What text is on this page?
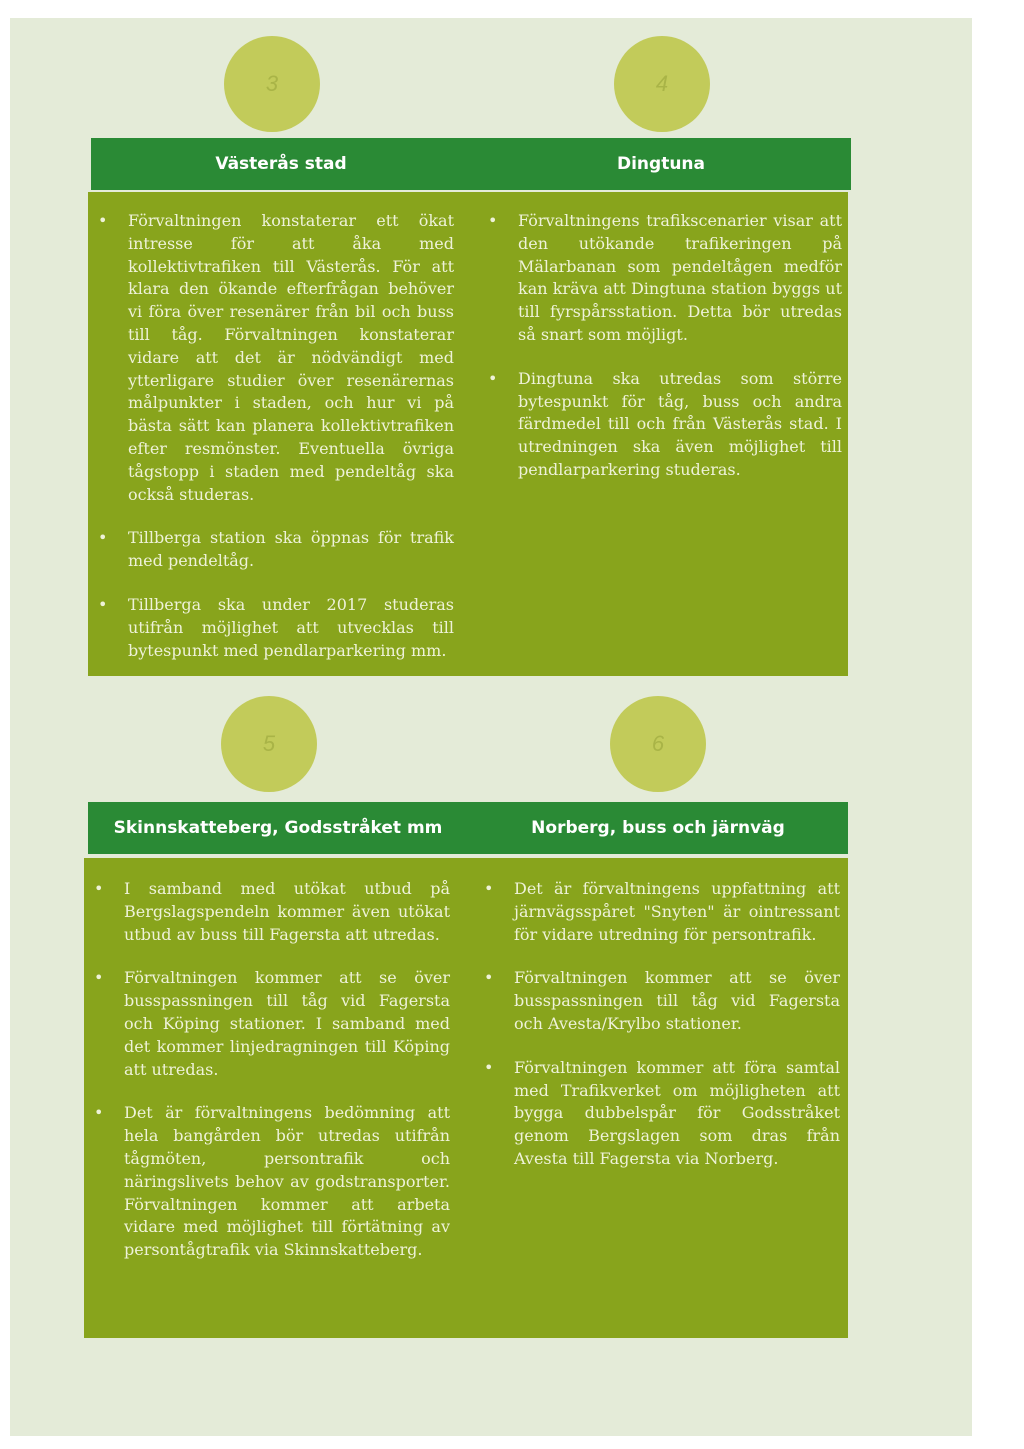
3	4
5	6
Västerås stad	Dingtuna
Skinnskatteberg, Godsstråket mm	Norberg, buss och järnväg
• Förvaltningen konstaterar ett ökat intresse för att åka med kollektivtrafiken till Västerås. För att klara den ökande efterfrågan behöver vi föra över resenärer från bil och buss till tåg. Förvaltningen konstaterar vidare att det är nödvändigt med ytterligare studier över resenärernas målpunkter i staden, och hur vi på bästa sätt kan planera kollektivtrafiken efter resmönster. Eventuella övriga tågstopp i staden med pendeltåg ska också studeras.
• Tillberga station ska öppnas för trafik med pendeltåg.
• Tillberga ska under 2017 studeras utifrån möjlighet att utvecklas till bytespunkt med pendlarparkering mm.
• Förvaltningens trafikscenarier visar att den utökande trafikeringen på Mälarbanan som pendeltågen medför kan kräva att Dingtuna station byggs ut till fyrspårsstation. Detta bör utredas så snart som möjligt.
• Dingtuna ska utredas som större bytespunkt för tåg, buss och andra färdmedel till och från Västerås stad. I utredningen ska även möjlighet till pendlarparkering studeras.
• I samband med utökat utbud på Bergslagspendeln kommer även utökat utbud av buss till Fagersta att utredas.
• Förvaltningen kommer att se över busspassningen till tåg vid Fagersta och Köping stationer. I samband med det kommer linjedragningen till Köping att utredas.
• Det är förvaltningens bedömning att hela bangården bör utredas utifrån tågmöten, persontrafik och näringslivets behov av godstransporter. Förvaltningen kommer att arbeta vidare med möjlighet till förtätning av persontågtrafik via Skinnskatteberg.
• Det är förvaltningens uppfattning att järnvägsspåret "Snyten" är ointressant för vidare utredning för persontrafik.
• Förvaltningen kommer att se över busspassningen till tåg vid Fagersta och Avesta/Krylbo stationer.
• Förvaltningen kommer att föra samtal med Trafikverket om möjligheten att bygga dubbelspår för Godsstråket genom Bergslagen som dras från Avesta till Fagersta via Norberg.
